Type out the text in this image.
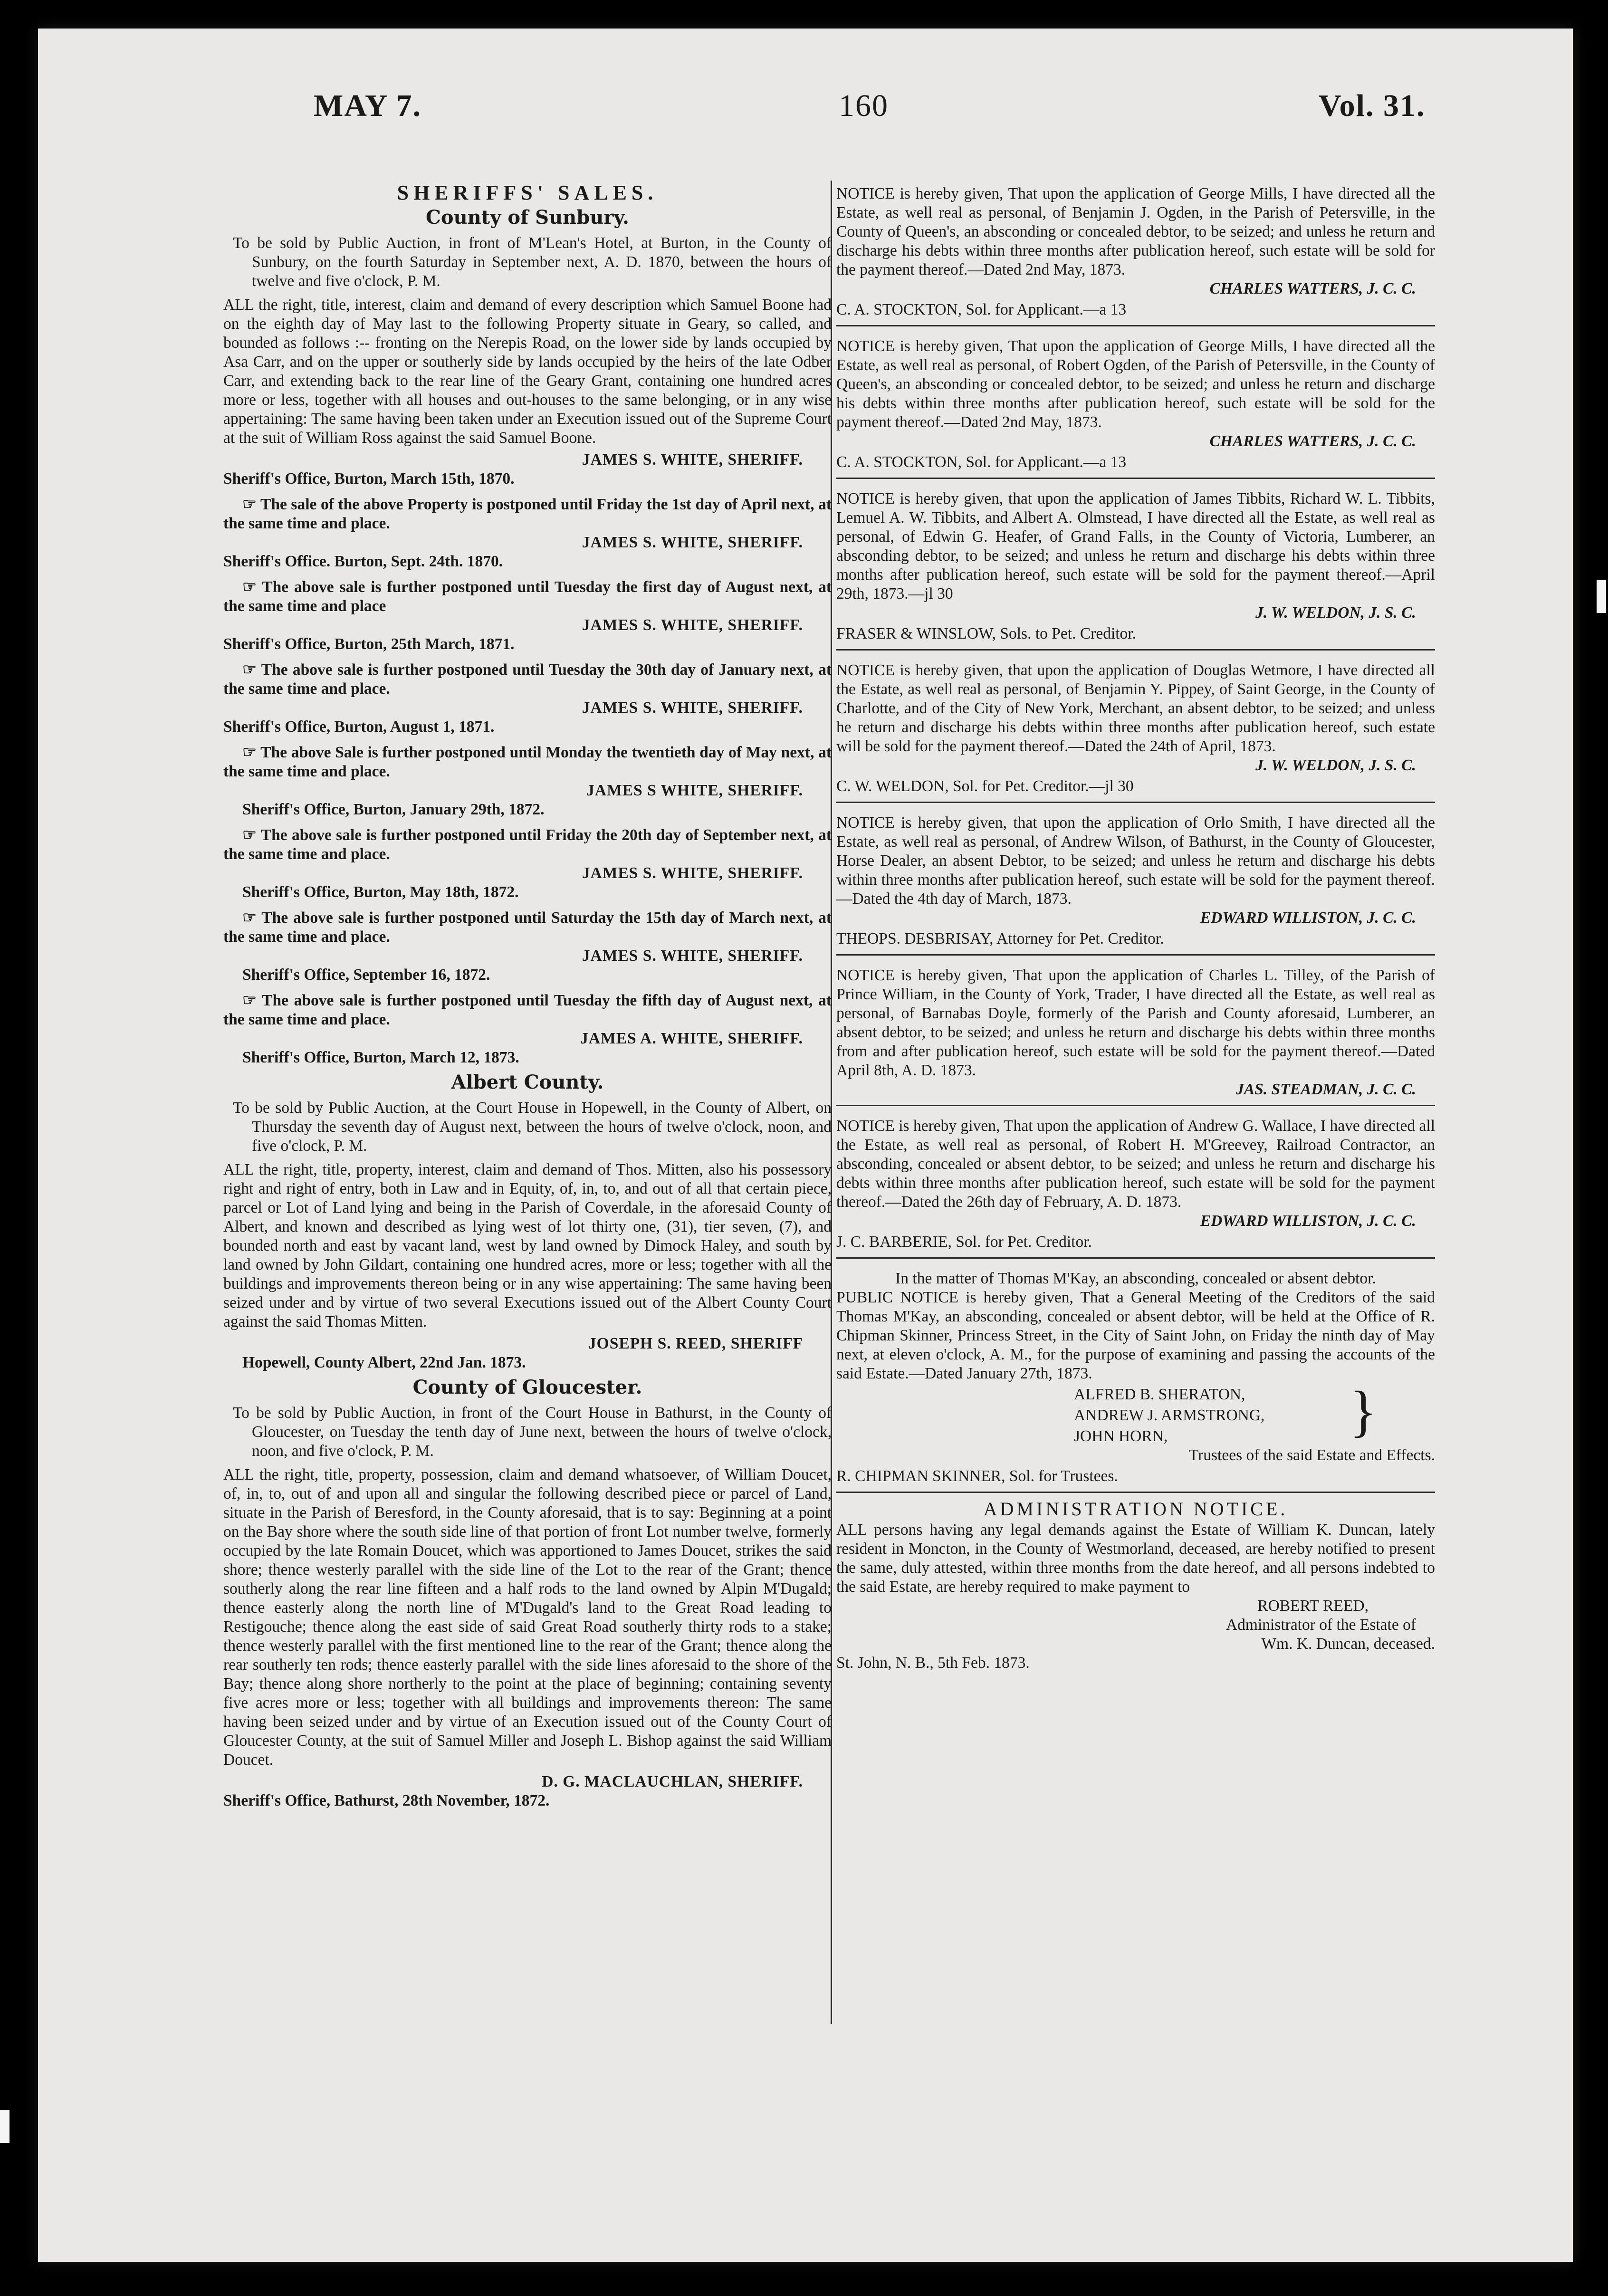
MAY 7.	160	Vol. 31.
SHERIFFS' SALES.
County of Sunbury.

To be sold by Public Auction, in front of M'Lean's Hotel, at Burton, in the County of Sunbury, on the fourth Saturday in September next, A. D. 1870, between the hours of twelve and five o'clock, P. M.

ALL the right, title, interest, claim and demand of every description which Samuel Boone had on the eighth day of May last to the following Property situate in Geary, so called, and bounded as follows :-- fronting on the Nerepis Road, on the lower side by lands occupied by Asa Carr, and on the upper or southerly side by lands occupied by the heirs of the late Odber Carr, and extending back to the rear line of the Geary Grant, containing one hundred acres more or less, together with all houses and out-houses to the same belonging, or in any wise appertaining: The same having been taken under an Execution issued out of the Supreme Court at the suit of William Ross against the said Samuel Boone.

JAMES S. WHITE, SHERIFF.
Sheriff's Office, Burton, March 15th, 1870.

☞ The sale of the above Property is postponed until Friday the 1st day of April next, at the same time and place.

JAMES S. WHITE, SHERIFF.
Sheriff's Office. Burton, Sept. 24th. 1870.

☞ The above sale is further postponed until Tuesday the first day of August next, at the same time and place

JAMES S. WHITE, SHERIFF.
Sheriff's Office, Burton, 25th March, 1871.

☞ The above sale is further postponed until Tuesday the 30th day of January next, at the same time and place.

JAMES S. WHITE, SHERIFF.
Sheriff's Office, Burton, August 1, 1871.

☞ The above Sale is further postponed until Monday the twentieth day of May next, at the same time and place.

JAMES S WHITE, SHERIFF.
Sheriff's Office, Burton, January 29th, 1872.

☞ The above sale is further postponed until Friday the 20th day of September next, at the same time and place.

JAMES S. WHITE, SHERIFF.
Sheriff's Office, Burton, May 18th, 1872.

☞ The above sale is further postponed until Saturday the 15th day of March next, at the same time and place.

JAMES S. WHITE, SHERIFF.
Sheriff's Office, September 16, 1872.

☞ The above sale is further postponed until Tuesday the fifth day of August next, at the same time and place.

JAMES A. WHITE, SHERIFF.
Sheriff's Office, Burton, March 12, 1873.
Albert County.

To be sold by Public Auction, at the Court House in Hopewell, in the County of Albert, on Thursday the seventh day of August next, between the hours of twelve o'clock, noon, and five o'clock, P. M.

ALL the right, title, property, interest, claim and demand of Thos. Mitten, also his possessory right and right of entry, both in Law and in Equity, of, in, to, and out of all that certain piece, parcel or Lot of Land lying and being in the Parish of Coverdale, in the aforesaid County of Albert, and known and described as lying west of lot thirty one, (31), tier seven, (7), and bounded north and east by vacant land, west by land owned by Dimock Haley, and south by land owned by John Gildart, containing one hundred acres, more or less; together with all the buildings and improvements thereon being or in any wise appertaining: The same having been seized under and by virtue of two several Executions issued out of the Albert County Court against the said Thomas Mitten.

JOSEPH S. REED, SHERIFF
Hopewell, County Albert, 22nd Jan. 1873.
County of Gloucester.

To be sold by Public Auction, in front of the Court House in Bathurst, in the County of Gloucester, on Tuesday the tenth day of June next, between the hours of twelve o'clock, noon, and five o'clock, P. M.

ALL the right, title, property, possession, claim and demand whatsoever, of William Doucet, of, in, to, out of and upon all and singular the following described piece or parcel of Land, situate in the Parish of Beresford, in the County aforesaid, that is to say: Beginning at a point on the Bay shore where the south side line of that portion of front Lot number twelve, formerly occupied by the late Romain Doucet, which was apportioned to James Doucet, strikes the said shore; thence westerly parallel with the side line of the Lot to the rear of the Grant; thence southerly along the rear line fifteen and a half rods to the land owned by Alpin M'Dugald; thence easterly along the north line of M'Dugald's land to the Great Road leading to Restigouche; thence along the east side of said Great Road southerly thirty rods to a stake; thence westerly parallel with the first mentioned line to the rear of the Grant; thence along the rear southerly ten rods; thence easterly parallel with the side lines aforesaid to the shore of the Bay; thence along shore northerly to the point at the place of beginning; containing seventy five acres more or less; together with all buildings and improvements thereon: The same having been seized under and by virtue of an Execution issued out of the County Court of Gloucester County, at the suit of Samuel Miller and Joseph L. Bishop against the said William Doucet.

D. G. MACLAUCHLAN, SHERIFF.
Sheriff's Office, Bathurst, 28th November, 1872.

NOTICE is hereby given, That upon the application of George Mills, I have directed all the Estate, as well real as personal, of Benjamin J. Ogden, in the Parish of Petersville, in the County of Queen's, an absconding or concealed debtor, to be seized; and unless he return and discharge his debts within three months after publication hereof, such estate will be sold for the payment thereof.—Dated 2nd May, 1873.

CHARLES WATTERS, J. C. C.
C. A. STOCKTON, Sol. for Applicant.—a 13

NOTICE is hereby given, That upon the application of George Mills, I have directed all the Estate, as well real as personal, of Robert Ogden, of the Parish of Petersville, in the County of Queen's, an absconding or concealed debtor, to be seized; and unless he return and discharge his debts within three months after publication hereof, such estate will be sold for the payment thereof.—Dated 2nd May, 1873.

CHARLES WATTERS, J. C. C.
C. A. STOCKTON, Sol. for Applicant.—a 13

NOTICE is hereby given, that upon the application of James Tibbits, Richard W. L. Tibbits, Lemuel A. W. Tibbits, and Albert A. Olmstead, I have directed all the Estate, as well real as personal, of Edwin G. Heafer, of Grand Falls, in the County of Victoria, Lumberer, an absconding debtor, to be seized; and unless he return and discharge his debts within three months after publication hereof, such estate will be sold for the payment thereof.—April 29th, 1873.—jl 30

J. W. WELDON, J. S. C.
FRASER & WINSLOW, Sols. to Pet. Creditor.

NOTICE is hereby given, that upon the application of Douglas Wetmore, I have directed all the Estate, as well real as personal, of Benjamin Y. Pippey, of Saint George, in the County of Charlotte, and of the City of New York, Merchant, an absent debtor, to be seized; and unless he return and discharge his debts within three months after publication hereof, such estate will be sold for the payment thereof.—Dated the 24th of April, 1873.

J. W. WELDON, J. S. C.
C. W. WELDON, Sol. for Pet. Creditor.—jl 30

NOTICE is hereby given, that upon the application of Orlo Smith, I have directed all the Estate, as well real as personal, of Andrew Wilson, of Bathurst, in the County of Gloucester, Horse Dealer, an absent Debtor, to be seized; and unless he return and discharge his debts within three months after publication hereof, such estate will be sold for the payment thereof. —Dated the 4th day of March, 1873.

EDWARD WILLISTON, J. C. C.
THEOPS. DESBRISAY, Attorney for Pet. Creditor.

NOTICE is hereby given, That upon the application of Charles L. Tilley, of the Parish of Prince William, in the County of York, Trader, I have directed all the Estate, as well real as personal, of Barnabas Doyle, formerly of the Parish and County aforesaid, Lumberer, an absent debtor, to be seized; and unless he return and discharge his debts within three months from and after publication hereof, such estate will be sold for the payment thereof.—Dated April 8th, A. D. 1873.

JAS. STEADMAN, J. C. C.

NOTICE is hereby given, That upon the application of Andrew G. Wallace, I have directed all the Estate, as well real as personal, of Robert H. M'Greevey, Railroad Contractor, an absconding, concealed or absent debtor, to be seized; and unless he return and discharge his debts within three months after publication hereof, such estate will be sold for the payment thereof.—Dated the 26th day of February, A. D. 1873.

EDWARD WILLISTON, J. C. C.
J. C. BARBERIE, Sol. for Pet. Creditor.

In the matter of Thomas M'Kay, an absconding, concealed or absent debtor.

PUBLIC NOTICE is hereby given, That a General Meeting of the Creditors of the said Thomas M'Kay, an absconding, concealed or absent debtor, will be held at the Office of R. Chipman Skinner, Princess Street, in the City of Saint John, on Friday the ninth day of May next, at eleven o'clock, A. M., for the purpose of examining and passing the accounts of the said Estate.—Dated January 27th, 1873.

ALFRED B. SHERATON,
ANDREW J. ARMSTRONG,
JOHN HORN,	}
Trustees of the said Estate and Effects.
R. CHIPMAN SKINNER, Sol. for Trustees.
ADMINISTRATION NOTICE.

ALL persons having any legal demands against the Estate of William K. Duncan, lately resident in Moncton, in the County of Westmorland, deceased, are hereby notified to present the same, duly attested, within three months from the date hereof, and all persons indebted to the said Estate, are hereby required to make payment to

ROBERT REED,
Administrator of the Estate of
Wm. K. Duncan, deceased.
St. John, N. B., 5th Feb. 1873.
